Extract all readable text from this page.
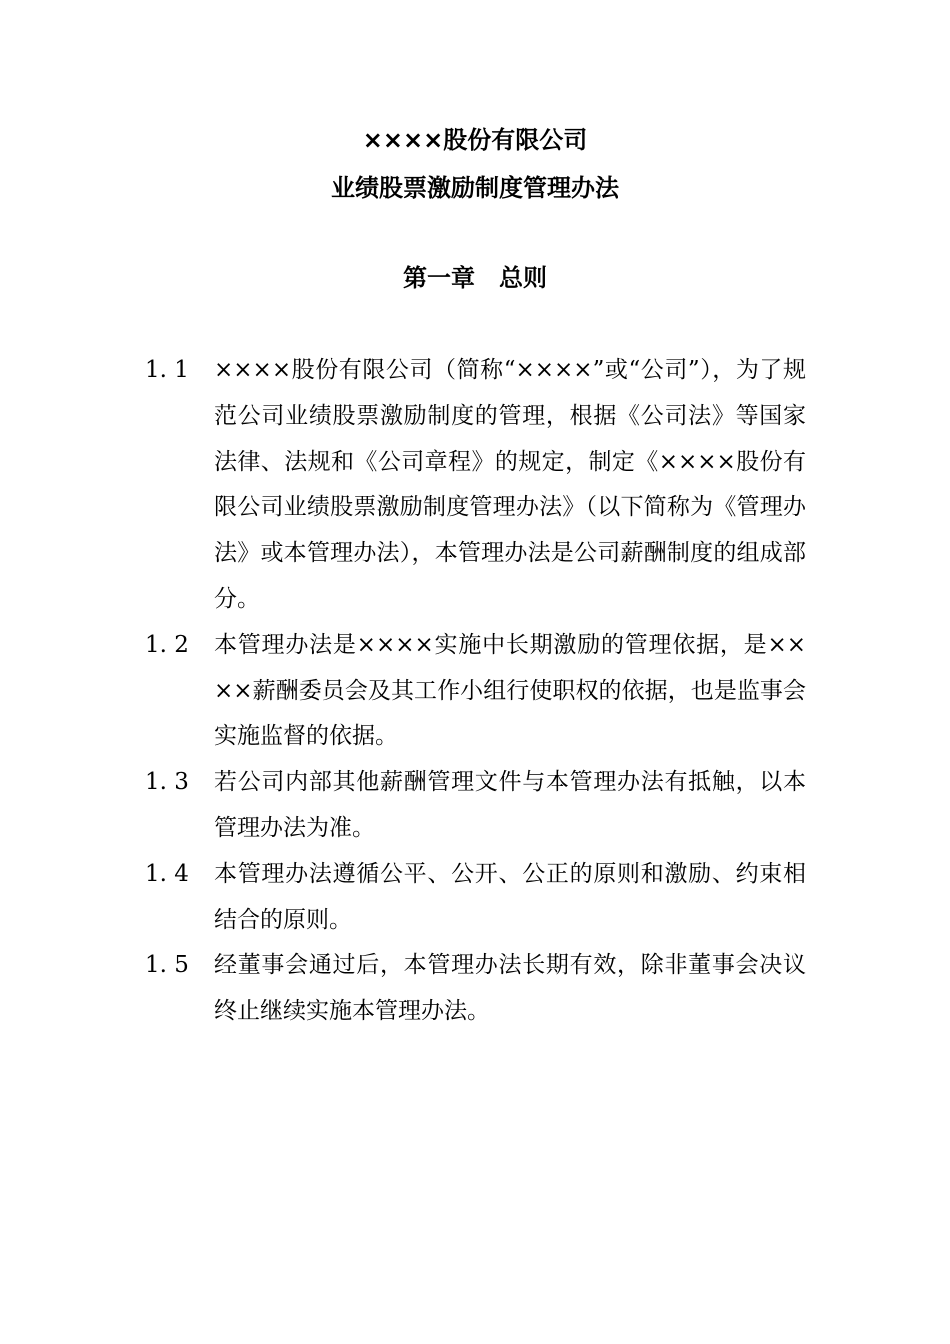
××××股份有限公司
业绩股票激励制度管理办法
第一章　总则
1. 1	××××股份有限公司（简称“××××”或“公司”），为了规范公司业绩股票激励制度的管理，根据《公司法》等国家法律、法规和《公司章程》的规定，制定《××××股份有限公司业绩股票激励制度管理办法》（以下简称为《管理办法》或本管理办法），本管理办法是公司薪酬制度的组成部分。
1. 2	本管理办法是××××实施中长期激励的管理依据，是××××薪酬委员会及其工作小组行使职权的依据，也是监事会实施监督的依据。
1. 3	若公司内部其他薪酬管理文件与本管理办法有抵触，以本管理办法为准。
1. 4	本管理办法遵循公平、公开、公正的原则和激励、约束相结合的原则。
1. 5	经董事会通过后，本管理办法长期有效，除非董事会决议终止继续实施本管理办法。
